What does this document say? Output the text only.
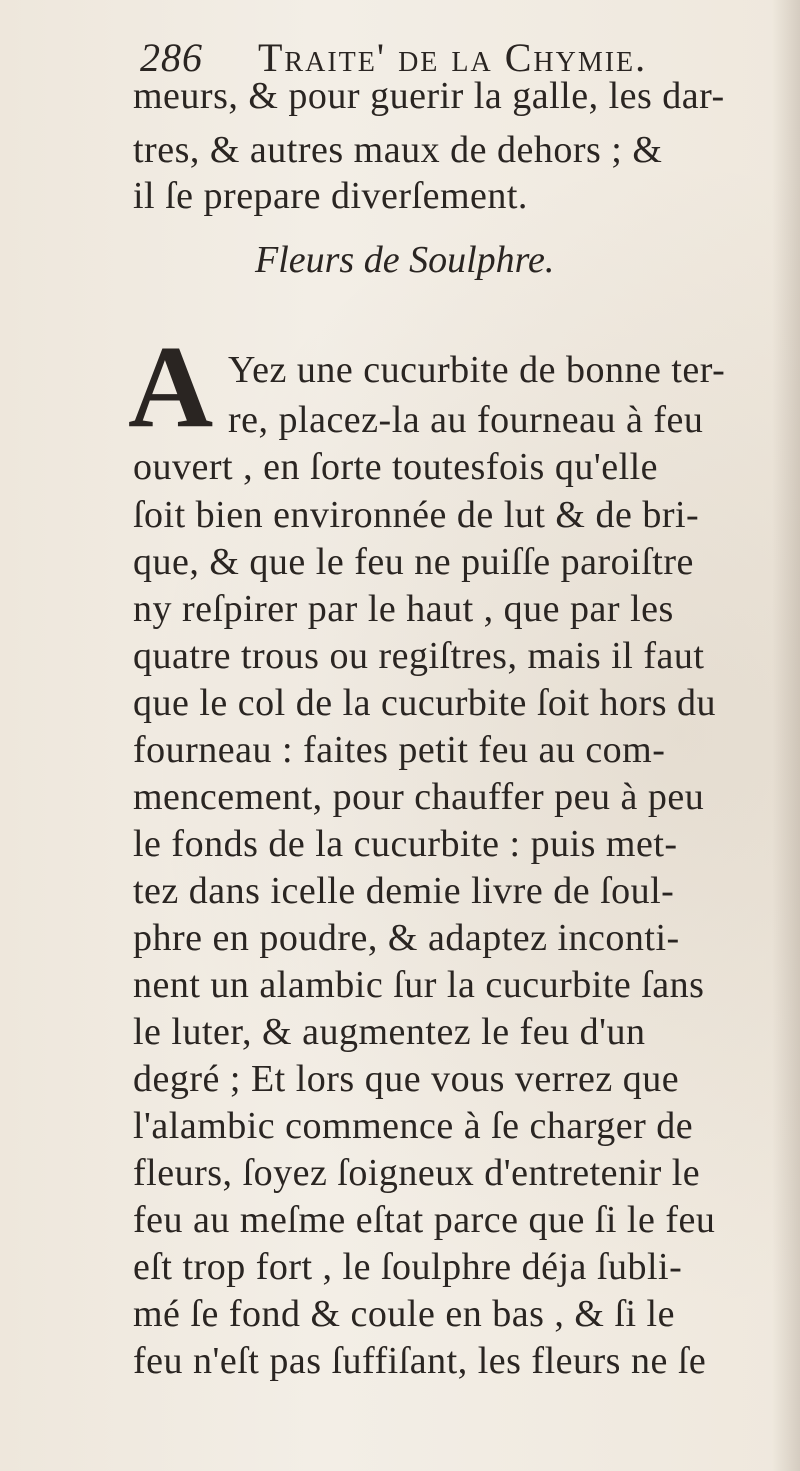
286 Traite' de la Chymie.
meurs, & pour guerir la galle, les dar-
tres, & autres maux de dehors ; &
il ſe prepare diverſement.
Fleurs de Soulphre.
A Yez une cucurbite de bonne ter-
re, placez-la au fourneau à feu
ouvert , en ſorte toutesfois qu'elle
ſoit bien environnée de lut & de bri-
que, & que le feu ne puiſſe paroiſtre
ny reſpirer par le haut , que par les
quatre trous ou regiſtres, mais il faut
que le col de la cucurbite ſoit hors du
fourneau : faites petit feu au com-
mencement, pour chauffer peu à peu
le fonds de la cucurbite : puis met-
tez dans icelle demie livre de ſoul-
phre en poudre, & adaptez inconti-
nent un alambic ſur la cucurbite ſans
le luter, & augmentez le feu d'un
degré ; Et lors que vous verrez que
l'alambic commence à ſe charger de
fleurs, ſoyez ſoigneux d'entretenir le
feu au meſme eſtat parce que ſi le feu
eſt trop fort , le ſoulphre déja ſubli-
mé ſe fond & coule en bas , & ſi le
feu n'eſt pas ſuffiſant, les fleurs ne ſe
